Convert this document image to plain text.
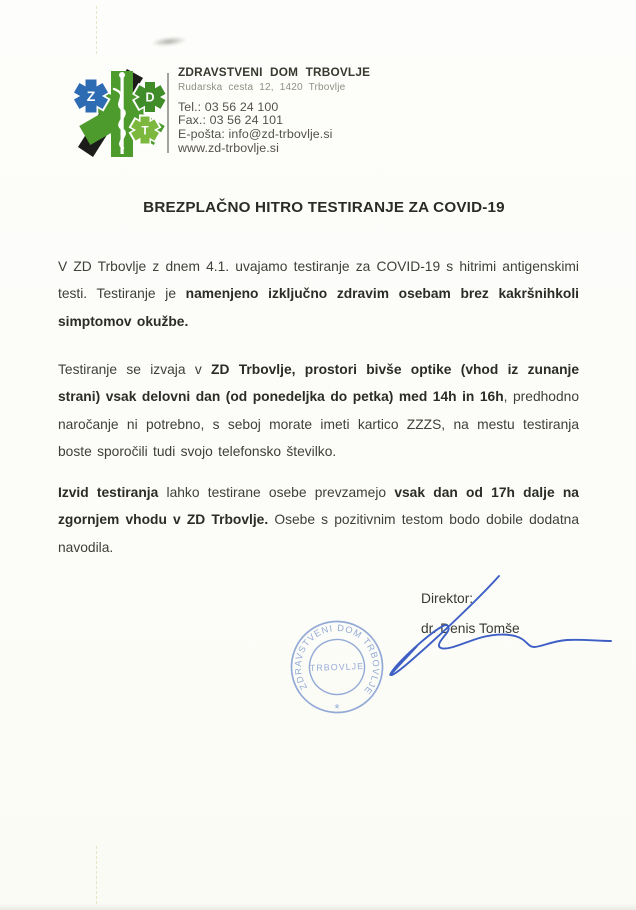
Z	D
T
ZDRAVSTVENI DOM TRBOVLJE
Rudarska cesta 12, 1420 Trbovlje
Tel.: 03 56 24 100
Fax.: 03 56 24 101
E-pošta: info@zd-trbovlje.si
www.zd-trbovlje.si
BREZPLAČNO HITRO TESTIRANJE ZA COVID-19

V ZD Trbovlje z dnem 4.1. uvajamo testiranje za COVID-19 s hitrimi antigenskimi testi. Testiranje je namenjeno izključno zdravim osebam brez kakršnihkoli simptomov okužbe.

Testiranje se izvaja v ZD Trbovlje, prostori bivše optike (vhod iz zunanje strani) vsak delovni dan (od ponedeljka do petka) med 14h in 16h, predhodno naročanje ni potrebno, s seboj morate imeti kartico ZZZS, na mestu testiranja boste sporočili tudi svojo telefonsko številko.

Izvid testiranja lahko testirane osebe prevzamejo vsak dan od 17h dalje na zgornjem vhodu v ZD Trbovlje. Osebe s pozitivnim testom bodo dobile dodatna navodila.

Direktor:
dr. Denis Tomše
ZDRAVSTVENI DOM TRBOVLJE
TRBOVLJE
*
